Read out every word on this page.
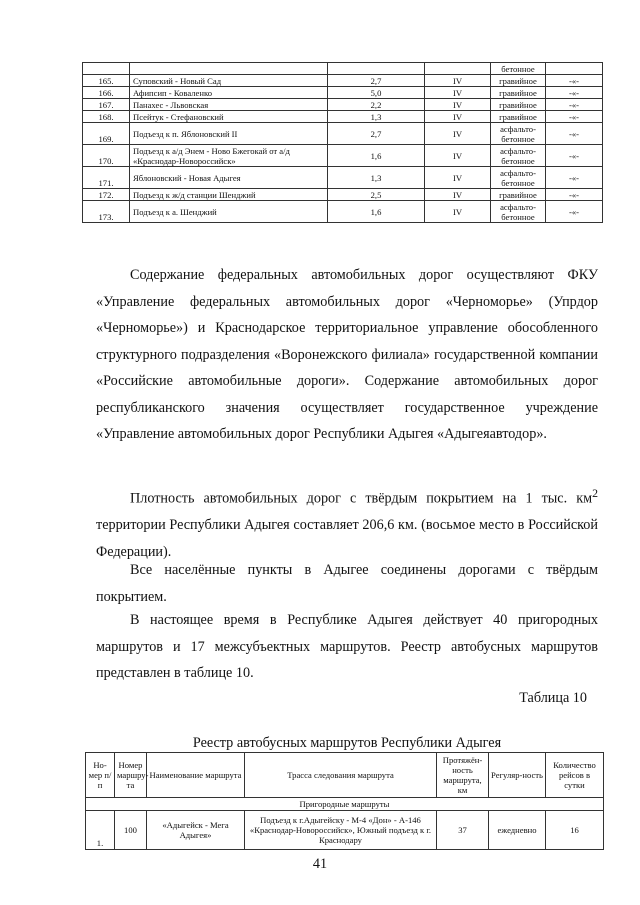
				бетонное	
165.	Суповский - Новый Сад	2,7	IV	гравийное	-«-
166.	Афипсип - Коваленко	5,0	IV	гравийное	-«-
167.	Панахес - Львовская	2,2	IV	гравийное	-«-
168.	Псейтук - Стефановский	1,3	IV	гравийное	-«-
169.	Подъезд к п. Яблоновский II	2,7	IV	асфальто-бетонное	-«-
170.	Подъезд к а/д Энем - Ново Бжегокай от а/д «Краснодар-Новороссийск»	1,6	IV	асфальто-бетонное	-«-
171.	Яблоновский - Новая Адыгея	1,3	IV	асфальто-бетонное	-«-
172.	Подъезд к ж/д станции Шенджий	2,5	IV	гравийное	-«-
173.	Подъезд к а. Шенджий	1,6	IV	асфальто-бетонное	-«-

Содержание федеральных автомобильных дорог осуществляют ФКУ «Управление федеральных автомобильных дорог «Черноморье» (Упрдор «Черноморье») и Краснодарское территориальное управление обособленного структурного подразделения «Воронежского филиала» государственной компании «Российские автомобильные дороги». Содержание автомобильных дорог республиканского значения осуществляет государственное учреждение «Управление автомобильных дорог Республики Адыгея «Адыгеяавтодор».

Плотность автомобильных дорог с твёрдым покрытием на 1 тыс. $км^2$ территории Республики Адыгея составляет 206,6 км. (восьмое место в Российской Федерации).

Все населённые пункты в Адыгее соединены дорогами с твёрдым покрытием.

В настоящее время в Республике Адыгея действует 40 пригородных маршрутов и 17 межсубъектных маршрутов. Реестр автобусных маршрутов представлен в таблице 10.

Таблица 10
Реестр автобусных маршрутов Республики Адыгея
Но-мер п/п	Номер маршру-та	Наименование маршрута	Трасса следования маршрута	Протяжён-ность маршрута, км	Регуляр-ность	Количество рейсов в сутки
Пригородные маршруты						
1.	100	«Адыгейск - Мега Адыгея»	Подъезд к г.Адыгейску - М-4 «Дон» - А-146 «Краснодар-Новороссийск», Южный подъезд к г. Краснодару	37	ежедневно	16
41
